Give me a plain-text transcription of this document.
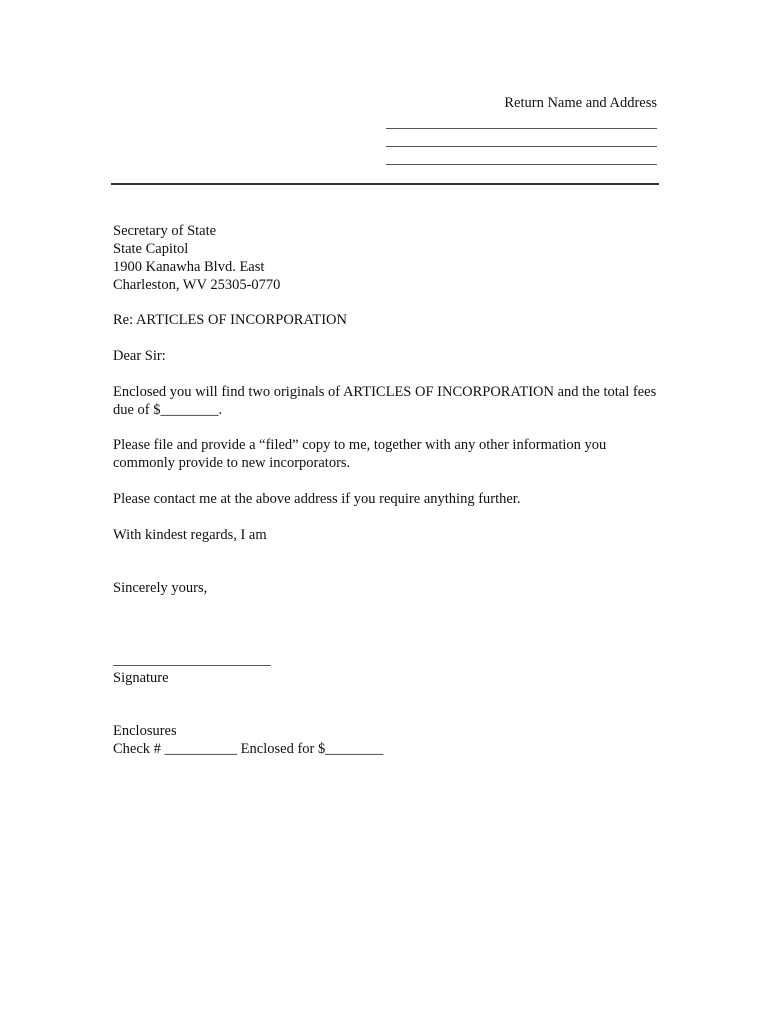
Return Name and Address
Secretary of State
State Capitol
1900 Kanawha Blvd. East
Charleston, WV 25305-0770
Re: ARTICLES OF INCORPORATION
Dear Sir:
Enclosed you will find two originals of ARTICLES OF INCORPORATION and the total fees due of $________.
Please file and provide a “filed” copy to me, together with any other information you commonly provide to new incorporators.
Please contact me at the above address if you require anything further.
With kindest regards, I am
Sincerely yours,
Signature
Enclosures
Check # __________ Enclosed for $________
